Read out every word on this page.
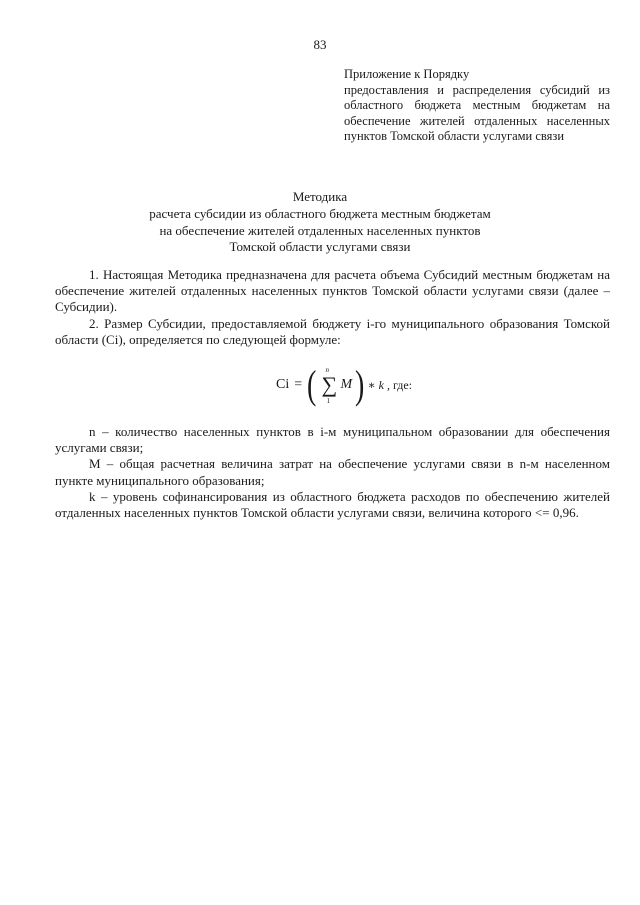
83
Приложение к Порядку
предоставления и распределения субсидий из областного бюджета местным бюджетам на обеспечение жителей отдаленных населенных пунктов Томской области услугами связи
Методика
расчета субсидии из областного бюджета местным бюджетам
на обеспечение жителей отдаленных населенных пунктов
Томской области услугами связи

1. Настоящая Методика предназначена для расчета объема Субсидий местным бюджетам на обеспечение жителей отдаленных населенных пунктов Томской области услугами связи (далее – Субсидии).

2. Размер Субсидии, предоставляемой бюджету i-го муниципального образования Томской области (Ci), определяется по следующей формуле:

Ci = ( n
∑
1
M ) ∗ k , где:

n – количество населенных пунктов в i-м муниципальном образовании для обеспечения услугами связи;

M – общая расчетная величина затрат на обеспечение услугами связи в n-м населенном пункте муниципального образования;

k – уровень софинансирования из областного бюджета расходов по обеспечению жителей отдаленных населенных пунктов Томской области услугами связи, величина которого <= 0,96.
